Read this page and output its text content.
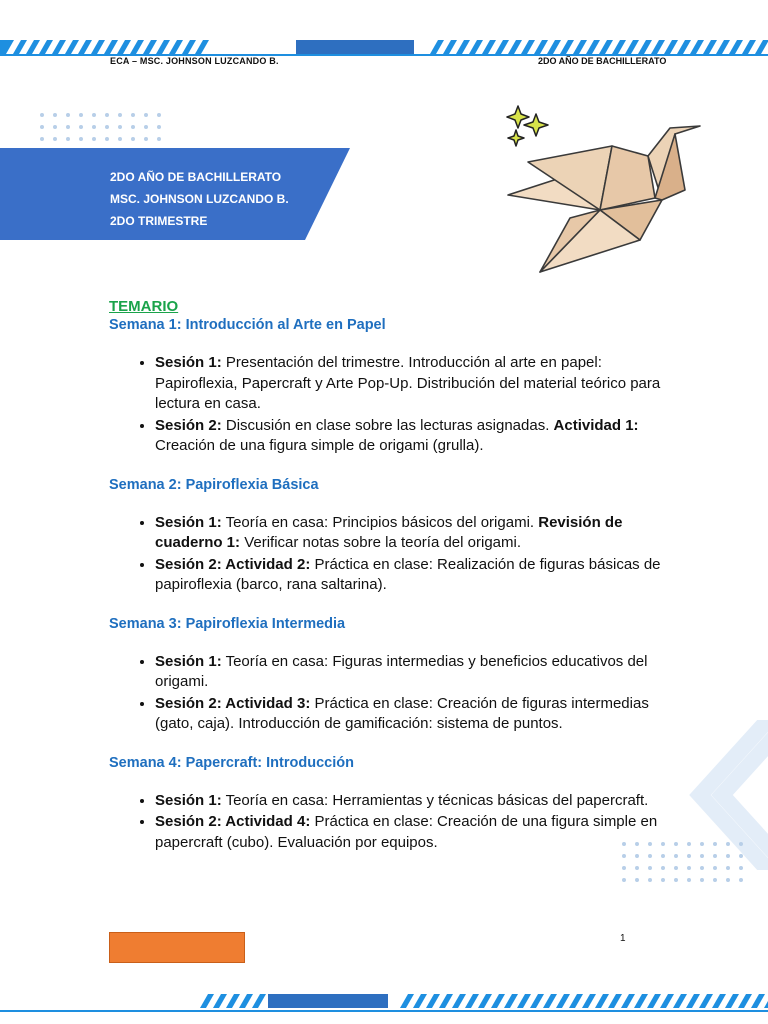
ECA – MSC. JOHNSON LUZCANDO B.	2DO AÑO DE BACHILLERATO
2DO AÑO DE BACHILLERATO
MSC. JOHNSON LUZCANDO B.
2DO TRIMESTRE
TEMARIO
Semana 1: Introducción al Arte en Papel
• Sesión 1: Presentación del trimestre. Introducción al arte en papel: Papiroflexia, Papercraft y Arte Pop-Up. Distribución del material teórico para lectura en casa.
• Sesión 2: Discusión en clase sobre las lecturas asignadas. Actividad 1: Creación de una figura simple de origami (grulla).
Semana 2: Papiroflexia Básica
• Sesión 1: Teoría en casa: Principios básicos del origami. Revisión de cuaderno 1: Verificar notas sobre la teoría del origami.
• Sesión 2: Actividad 2: Práctica en clase: Realización de figuras básicas de papiroflexia (barco, rana saltarina).
Semana 3: Papiroflexia Intermedia
• Sesión 1: Teoría en casa: Figuras intermedias y beneficios educativos del origami.
• Sesión 2: Actividad 3: Práctica en clase: Creación de figuras intermedias (gato, caja). Introducción de gamificación: sistema de puntos.
Semana 4: Papercraft: Introducción
• Sesión 1: Teoría en casa: Herramientas y técnicas básicas del papercraft.
• Sesión 2: Actividad 4: Práctica en clase: Creación de una figura simple en papercraft (cubo). Evaluación por equipos.
1
